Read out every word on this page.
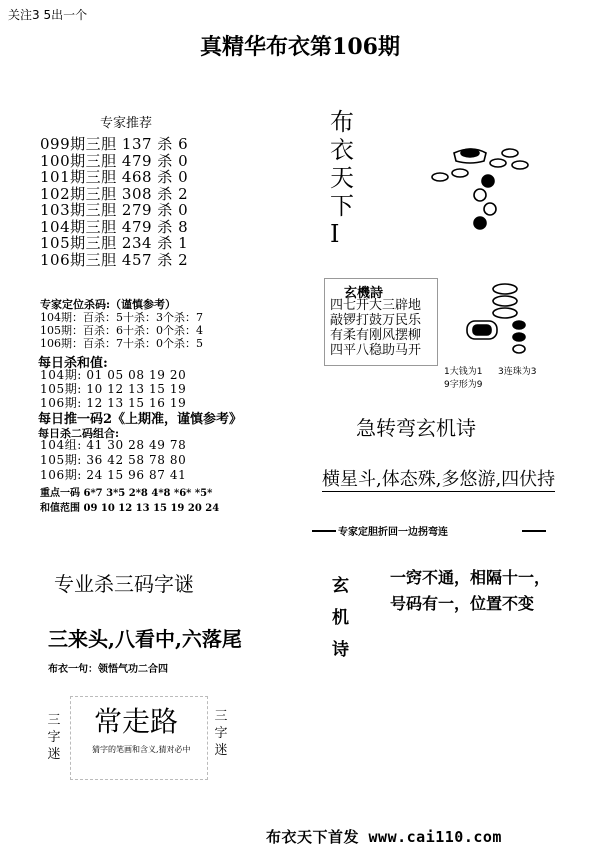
关注3 5出一个
真精华布衣第106期
专家推荐
099期三胆 137 杀 6
100期三胆 479 杀 0
101期三胆 468 杀 0
102期三胆 308 杀 2
103期三胆 279 杀 0
104期三胆 479 杀 8
105期三胆 234 杀 1
106期三胆 457 杀 2
专家定位杀码:（谨慎参考）
104期：百杀：5十杀：3个杀：7
105期：百杀：6十杀：0个杀：4
106期：百杀：7十杀：0个杀：5
每日杀和值:
104期: 01 05 08 19 20
105期: 10 12 13 15 19
106期: 12 13 15 16 19
每日推一码2《上期准，谨慎参考》
每日杀二码组合:
104组: 41 30 28 49 78
105期: 36 42 58 78 80
106期: 24 15 96 87 41
重点一码 6*7 3*5 2*8 4*8 *6* *5*
和值范围 09 10 12 13 15 19 20 24
专业杀三码字谜
三来头,八看中,六落尾
布衣一句：领悟气功二合四
三字迷
常走路
猜字的笔画和含义,猜对必中
三字迷
布衣天下I
玄機詩
四七开大三辟地
敲锣打鼓万民乐
有柔有刚风摆柳
四平八稳助马开
1大钱为1 3连珠为3
9字形为9
急转弯玄机诗
横星斗,体态殊,多悠游,四伏持
专家定胆折回一边拐弯连
玄机诗
一窍不通，相隔十一，
号码有一，位置不变
布衣天下首发 www.cai110.com
